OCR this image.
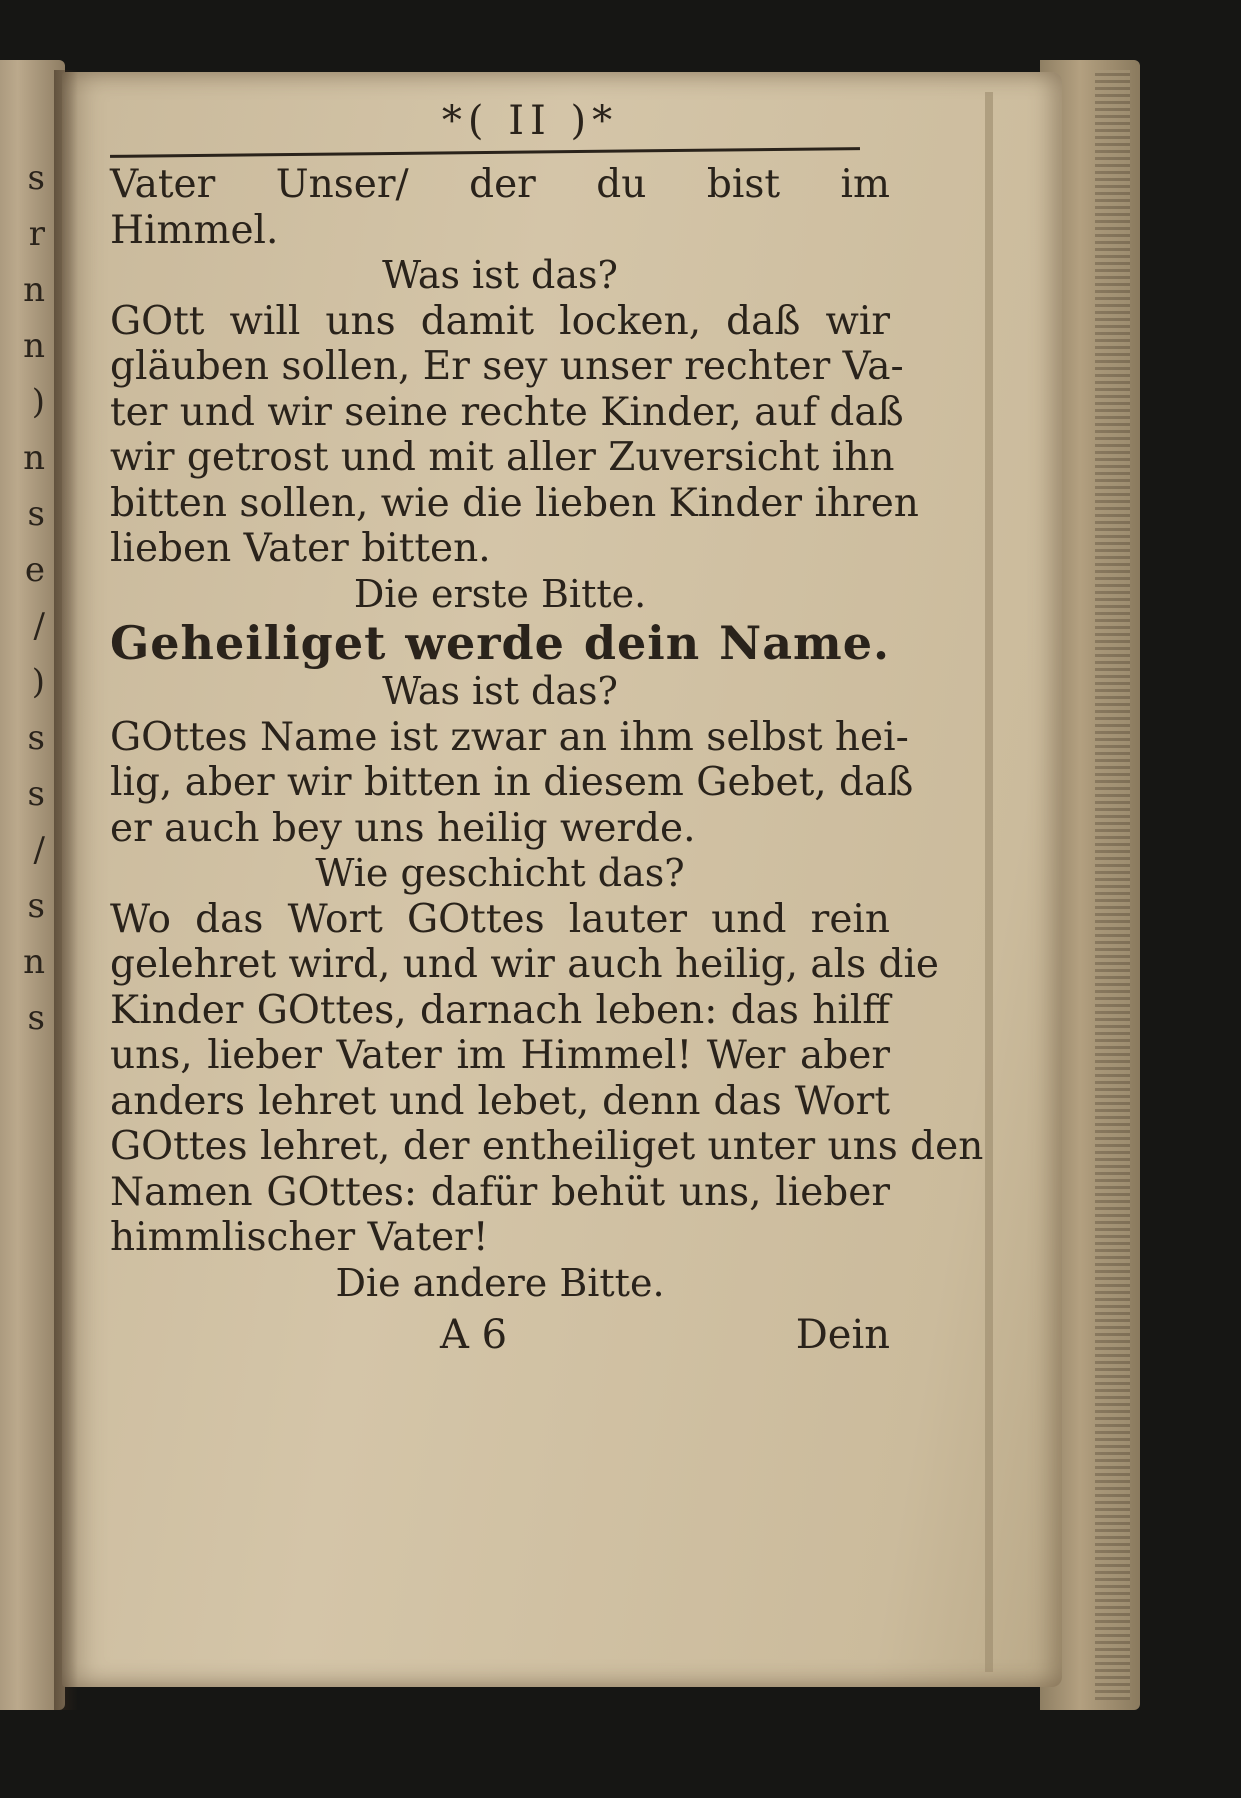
s
r
n
n
)
n
s
e
/
)
s
s
/
s
n
s
*( II )*
Vater Unser/ der du bist im
Himmel.
Was ist das?
GOtt will uns damit locken, daß wir
gläuben sollen, Er sey unser rechter Va-
ter und wir seine rechte Kinder, auf daß
wir getrost und mit aller Zuversicht ihn
bitten sollen, wie die lieben Kinder ihren
lieben Vater bitten.
Die erste Bitte.
Geheiliget werde dein Name.
Was ist das?
GOttes Name ist zwar an ihm selbst hei-
lig, aber wir bitten in diesem Gebet, daß
er auch bey uns heilig werde.
Wie geschicht das?
Wo das Wort GOttes lauter und rein
gelehret wird, und wir auch heilig, als die
Kinder GOttes, darnach leben: das hilff
uns, lieber Vater im Himmel! Wer aber
anders lehret und lebet, denn das Wort
GOttes lehret, der entheiliget unter uns den
Namen GOttes: dafür behüt uns, lieber
himmlischer Vater!
Die andere Bitte.
A 6	Dein
